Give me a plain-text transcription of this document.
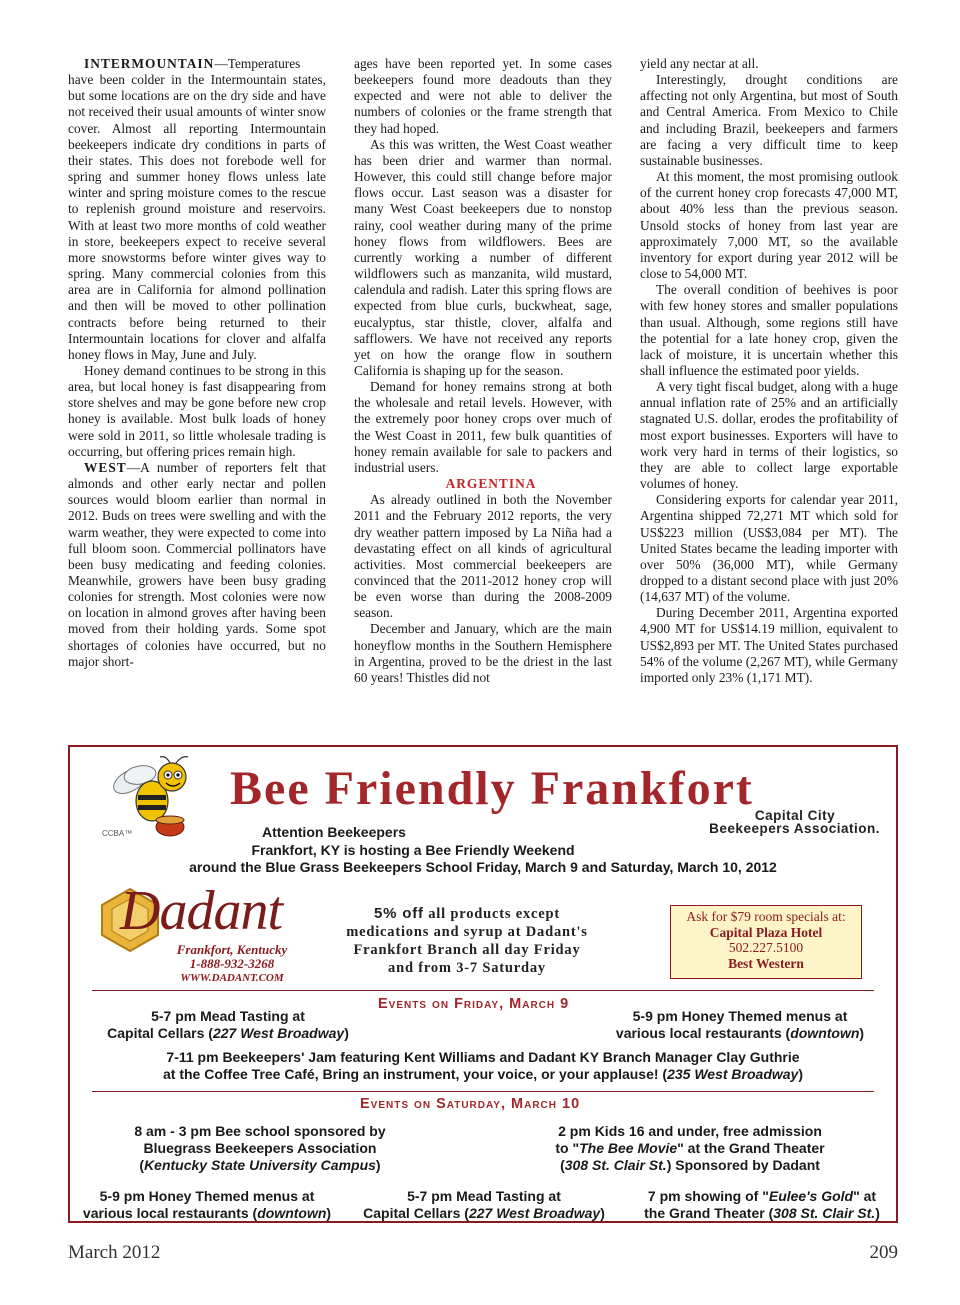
INTERMOUNTAIN—Temperatures have been colder in the Intermountain states, but some locations are on the dry side and have not received their usual amounts of winter snow cover. Almost all reporting Intermountain beekeepers indicate dry conditions in parts of their states. This does not forebode well for spring and summer honey flows unless late winter and spring moisture comes to the rescue to replenish ground moisture and reservoirs. With at least two more months of cold weather in store, beekeepers expect to receive several more snowstorms before winter gives way to spring. Many commercial colonies from this area are in California for almond pollination and then will be moved to other pollination contracts before being returned to their Intermountain locations for clover and alfalfa honey flows in May, June and July.

Honey demand continues to be strong in this area, but local honey is fast disappearing from store shelves and may be gone before new crop honey is available. Most bulk loads of honey were sold in 2011, so little wholesale trading is occurring, but offering prices remain high.

WEST—A number of reporters felt that almonds and other early nectar and pollen sources would bloom earlier than normal in 2012. Buds on trees were swelling and with the warm weather, they were expected to come into full bloom soon. Commercial pollinators have been busy medicating and feeding colonies. Meanwhile, growers have been busy grading colonies for strength. Most colonies were now on location in almond groves after having been moved from their holding yards. Some spot shortages of colonies have occurred, but no major short-

ages have been reported yet. In some cases beekeepers found more deadouts than they expected and were not able to deliver the numbers of colonies or the frame strength that they had hoped.

As this was written, the West Coast weather has been drier and warmer than normal. However, this could still change before major flows occur. Last season was a disaster for many West Coast beekeepers due to nonstop rainy, cool weather during many of the prime honey flows from wildflowers. Bees are currently working a number of different wildflowers such as manzanita, wild mustard, calendula and radish. Later this spring flows are expected from blue curls, buckwheat, sage, eucalyptus, star thistle, clover, alfalfa and safflowers. We have not received any reports yet on how the orange flow in southern California is shaping up for the season.

Demand for honey remains strong at both the wholesale and retail levels. However, with the extremely poor honey crops over much of the West Coast in 2011, few bulk quantities of honey remain available for sale to packers and industrial users.

ARGENTINA

As already outlined in both the November 2011 and the February 2012 reports, the very dry weather pattern imposed by La Niña had a devastating effect on all kinds of agricultural activities. Most commercial beekeepers are convinced that the 2011-2012 honey crop will be even worse than during the 2008-2009 season.

December and January, which are the main honeyflow months in the Southern Hemisphere in Argentina, proved to be the driest in the last 60 years! Thistles did not

yield any nectar at all.

Interestingly, drought conditions are affecting not only Argentina, but most of South and Central America. From Mexico to Chile and including Brazil, beekeepers and farmers are facing a very difficult time to keep sustainable businesses.

At this moment, the most promising outlook of the current honey crop forecasts 47,000 MT, about 40% less than the previous season. Unsold stocks of honey from last year are approximately 7,000 MT, so the available inventory for export during year 2012 will be close to 54,000 MT.

The overall condition of beehives is poor with few honey stores and smaller populations than usual. Although, some regions still have the potential for a late honey crop, given the lack of moisture, it is uncertain whether this shall influence the estimated poor yields.

A very tight fiscal budget, along with a huge annual inflation rate of 25% and an artificially stagnated U.S. dollar, erodes the profitability of most export businesses. Exporters will have to work very hard in terms of their logistics, so they are able to collect large exportable volumes of honey.

Considering exports for calendar year 2011, Argentina shipped 72,271 MT which sold for US$223 million (US$3,084 per MT). The United States became the leading importer with over 50% (36,000 MT), while Germany dropped to a distant second place with just 20% (14,637 MT) of the volume.

During December 2011, Argentina exported 4,900 MT for US$14.19 million, equivalent to US$2,893 per MT. The United States purchased 54% of the volume (2,267 MT), while Germany imported only 23% (1,171 MT).

CCBA™
Bee Friendly Frankfort
Capital City
Beekeepers Association.
Attention Beekeepers
Frankfort, KY is hosting a Bee Friendly Weekend
around the Blue Grass Beekeepers School Friday, March 9 and Saturday, March 10, 2012
Dadant
Frankfort, Kentucky
1-888-932-3268
WWW.DADANT.COM
5% off all products except
medications and syrup at Dadant's
Frankfort Branch all day Friday
and from 3-7 Saturday
Ask for $79 room specials at:
Capital Plaza Hotel
502.227.5100
Best Western
Events on Friday, March 9
5-7 pm Mead Tasting at
Capital Cellars (227 West Broadway)
5-9 pm Honey Themed menus at
various local restaurants (downtown)
7-11 pm Beekeepers' Jam featuring Kent Williams and Dadant KY Branch Manager Clay Guthrie
at the Coffee Tree Café, Bring an instrument, your voice, or your applause! (235 West Broadway)
Events on Saturday, March 10
8 am - 3 pm Bee school sponsored by
Bluegrass Beekeepers Association
(Kentucky State University Campus)
2 pm Kids 16 and under, free admission
to "The Bee Movie" at the Grand Theater
(308 St. Clair St.) Sponsored by Dadant
5-9 pm Honey Themed menus at
various local restaurants (downtown)
5-7 pm Mead Tasting at
Capital Cellars (227 West Broadway)
7 pm showing of "Eulee's Gold" at
the Grand Theater (308 St. Clair St.)
March 2012	209
